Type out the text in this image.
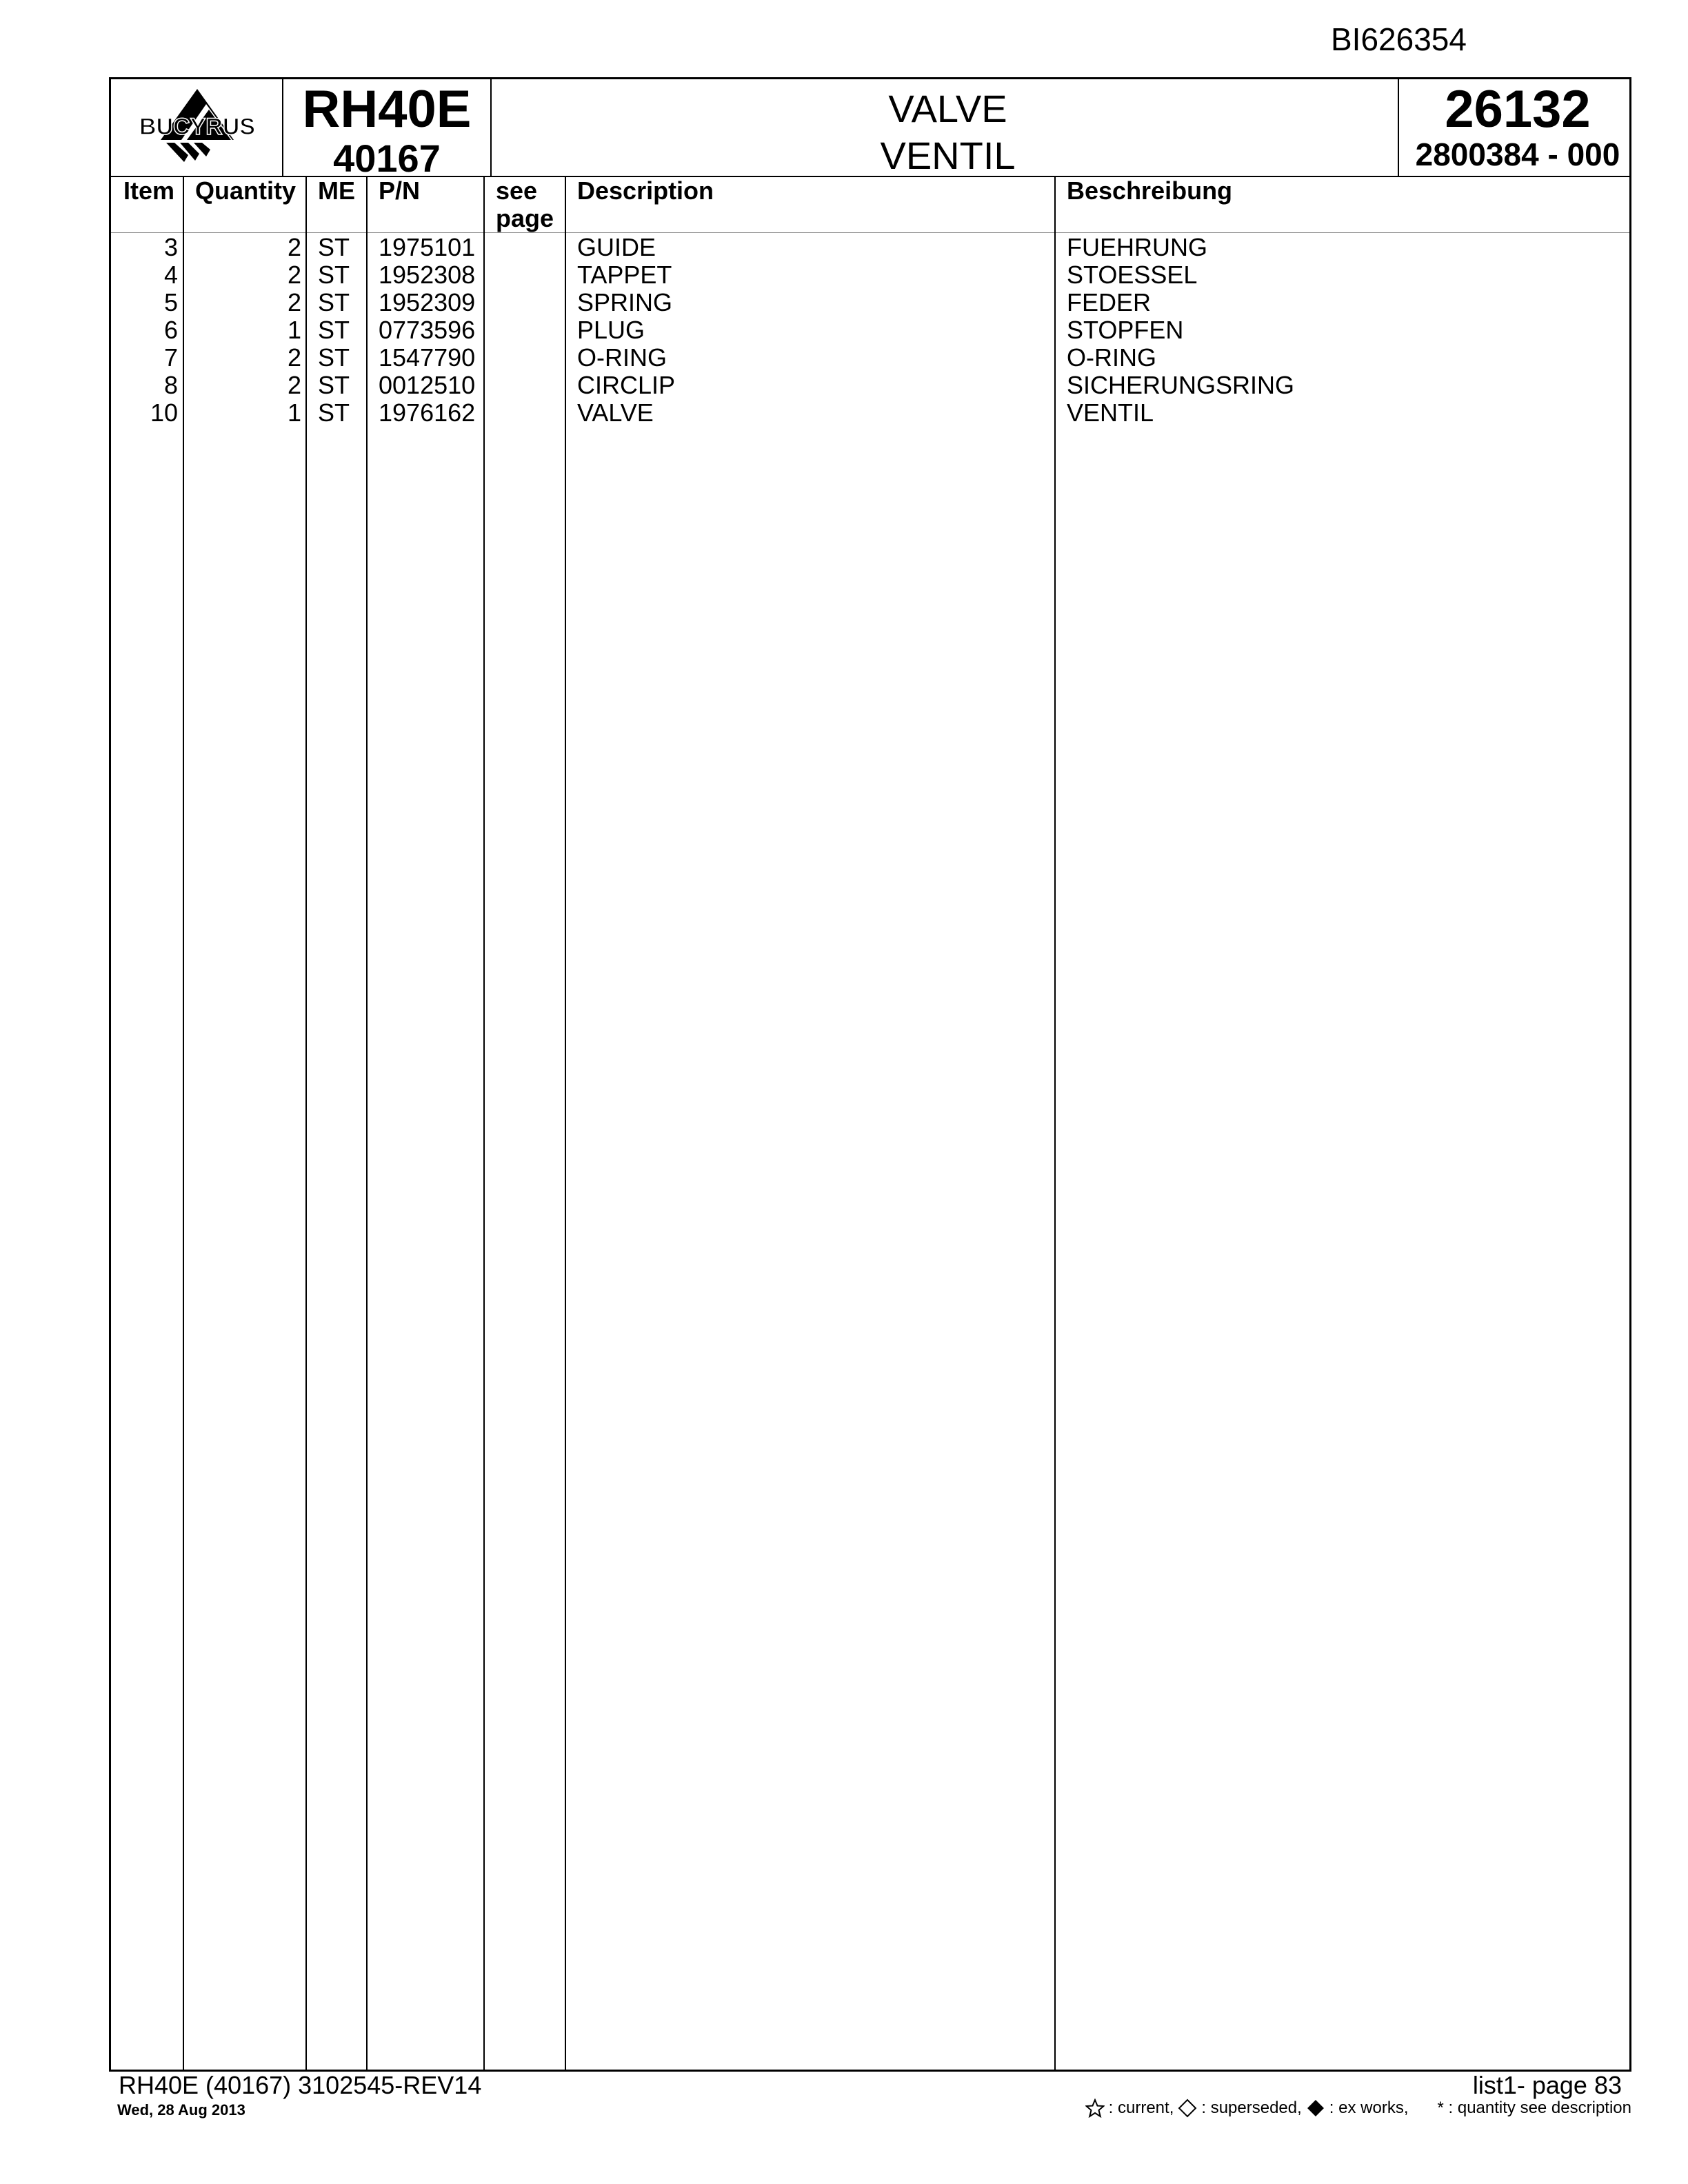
BI626354
BUCYRUS RH40E
40167
VALVE
VENTIL
26132
2800384 - 000
Item Quantity ME P/N	see
page
Description	Beschreibung
3	2 ST 1975101	GUIDE	FUEHRUNG
4	2 ST 1952308	TAPPET	STOESSEL
5	2 ST 1952309	SPRING	FEDER
6	1 ST 0773596	PLUG	STOPFEN
7	2 ST 1547790	O-RING	O-RING
8	2 ST 0012510	CIRCLIP	SICHERUNGSRING
10	1 ST 1976162	VALVE	VENTIL
RH40E (40167) 3102545-REV14
Wed, 28 Aug 2013
list1- page 83
: current, : superseded, : ex works, * : quantity see description
